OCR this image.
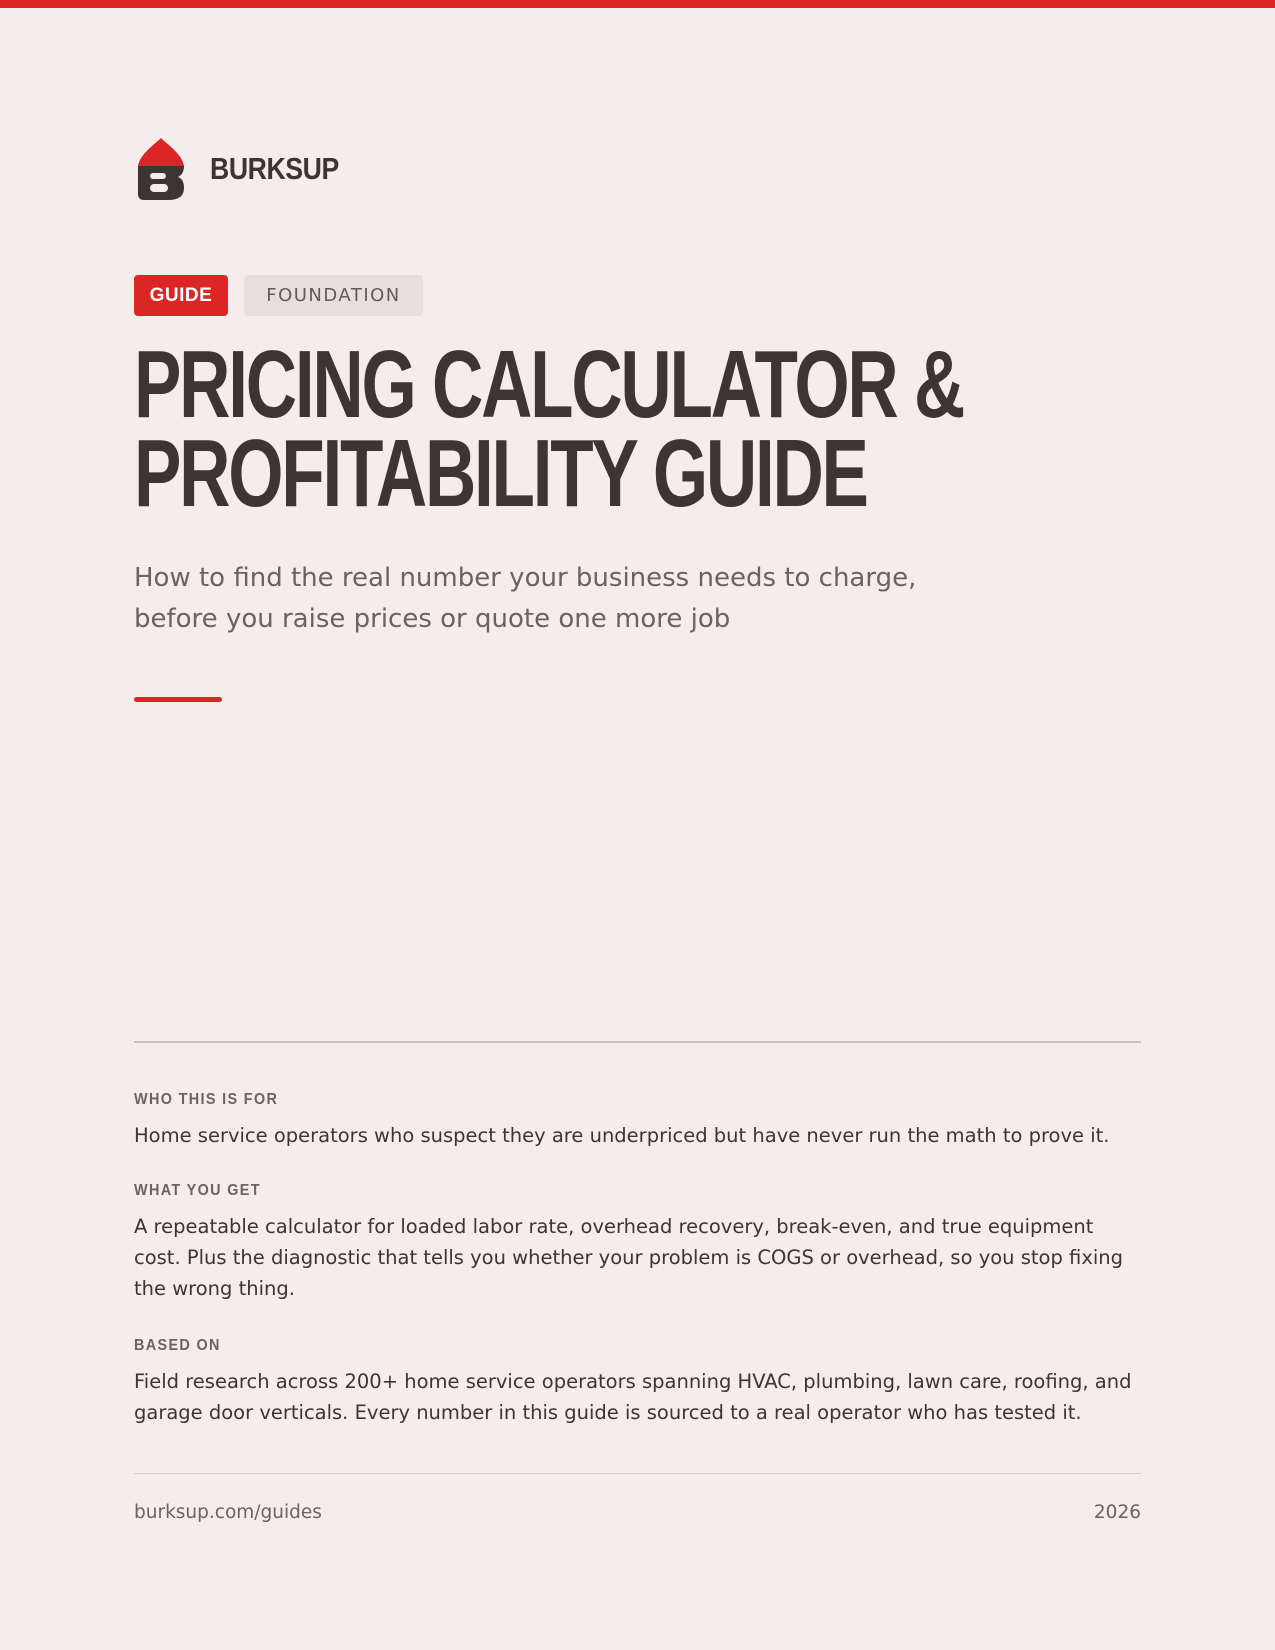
BURKSUP
GUIDE	FOUNDATION
PRICING CALCULATOR &
PROFITABILITY GUIDE

How to find the real number your business needs to charge, before you raise prices or quote one more job

WHO THIS IS FOR

Home service operators who suspect they are underpriced but have never run the math to prove it.

WHAT YOU GET

A repeatable calculator for loaded labor rate, overhead recovery, break-even, and true equipment cost. Plus the diagnostic that tells you whether your problem is COGS or overhead, so you stop fixing the wrong thing.

BASED ON

Field research across 200+ home service operators spanning HVAC, plumbing, lawn care, roofing, and garage door verticals. Every number in this guide is sourced to a real operator who has tested it.

burksup.com/guides	2026
